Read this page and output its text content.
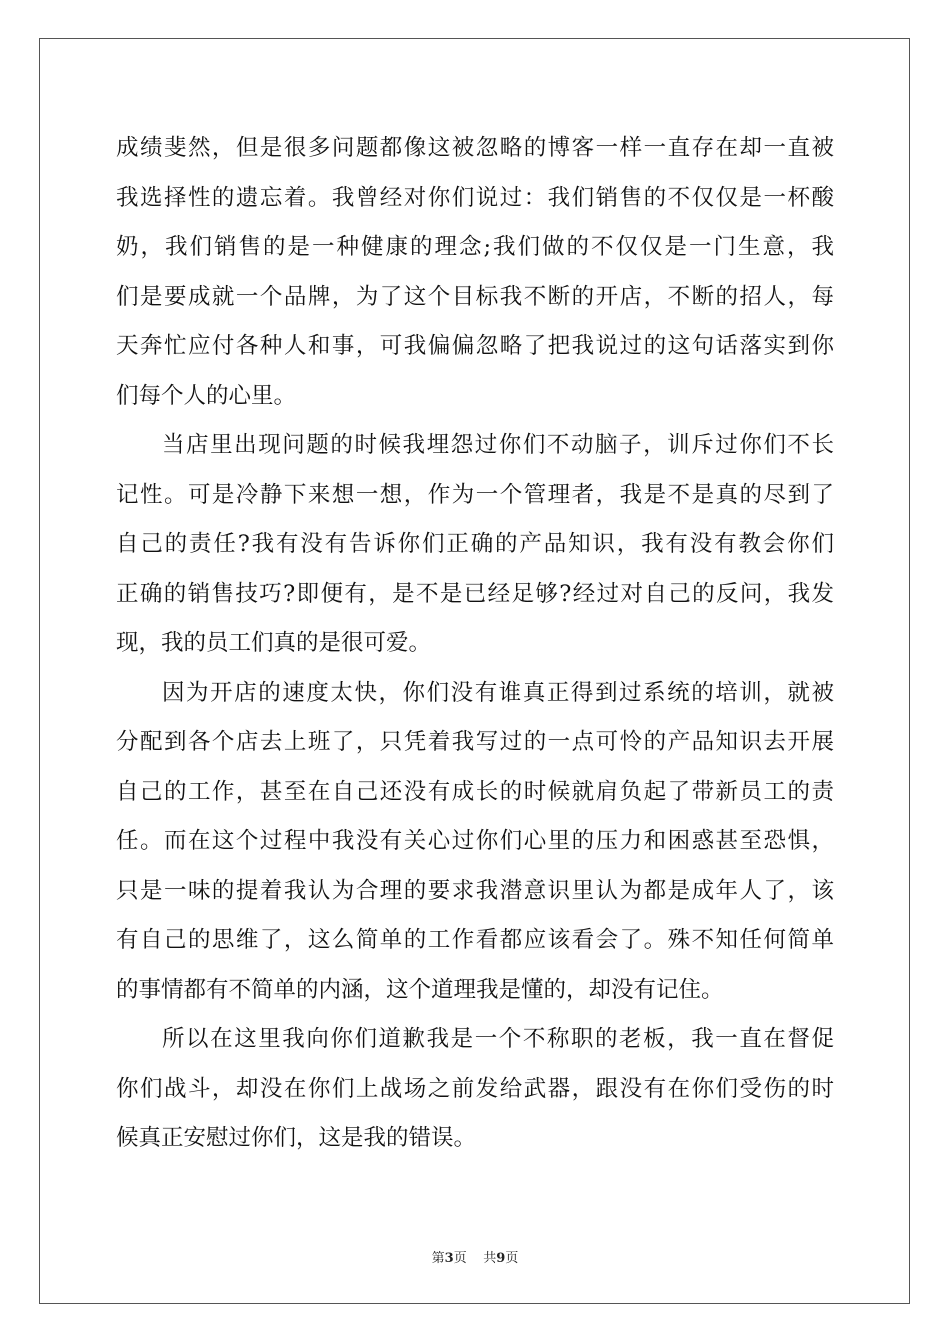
成绩斐然，但是很多问题都像这被忽略的博客一样一直存在却一直被
我选择性的遗忘着。我曾经对你们说过：我们销售的不仅仅是一杯酸
奶，我们销售的是一种健康的理念;我们做的不仅仅是一门生意，我
们是要成就一个品牌，为了这个目标我不断的开店，不断的招人，每
天奔忙应付各种人和事，可我偏偏忽略了把我说过的这句话落实到你
们每个人的心里。
当店里出现问题的时候我埋怨过你们不动脑子，训斥过你们不长
记性。可是冷静下来想一想，作为一个管理者，我是不是真的尽到了
自己的责任?我有没有告诉你们正确的产品知识，我有没有教会你们
正确的销售技巧?即便有，是不是已经足够?经过对自己的反问，我发
现，我的员工们真的是很可爱。
因为开店的速度太快，你们没有谁真正得到过系统的培训，就被
分配到各个店去上班了，只凭着我写过的一点可怜的产品知识去开展
自己的工作，甚至在自己还没有成长的时候就肩负起了带新员工的责
任。而在这个过程中我没有关心过你们心里的压力和困惑甚至恐惧，
只是一味的提着我认为合理的要求我潜意识里认为都是成年人了，该
有自己的思维了，这么简单的工作看都应该看会了。殊不知任何简单
的事情都有不简单的内涵，这个道理我是懂的，却没有记住。
所以在这里我向你们道歉我是一个不称职的老板，我一直在督促
你们战斗，却没在你们上战场之前发给武器，跟没有在你们受伤的时
候真正安慰过你们，这是我的错误。
第3页 共9页
